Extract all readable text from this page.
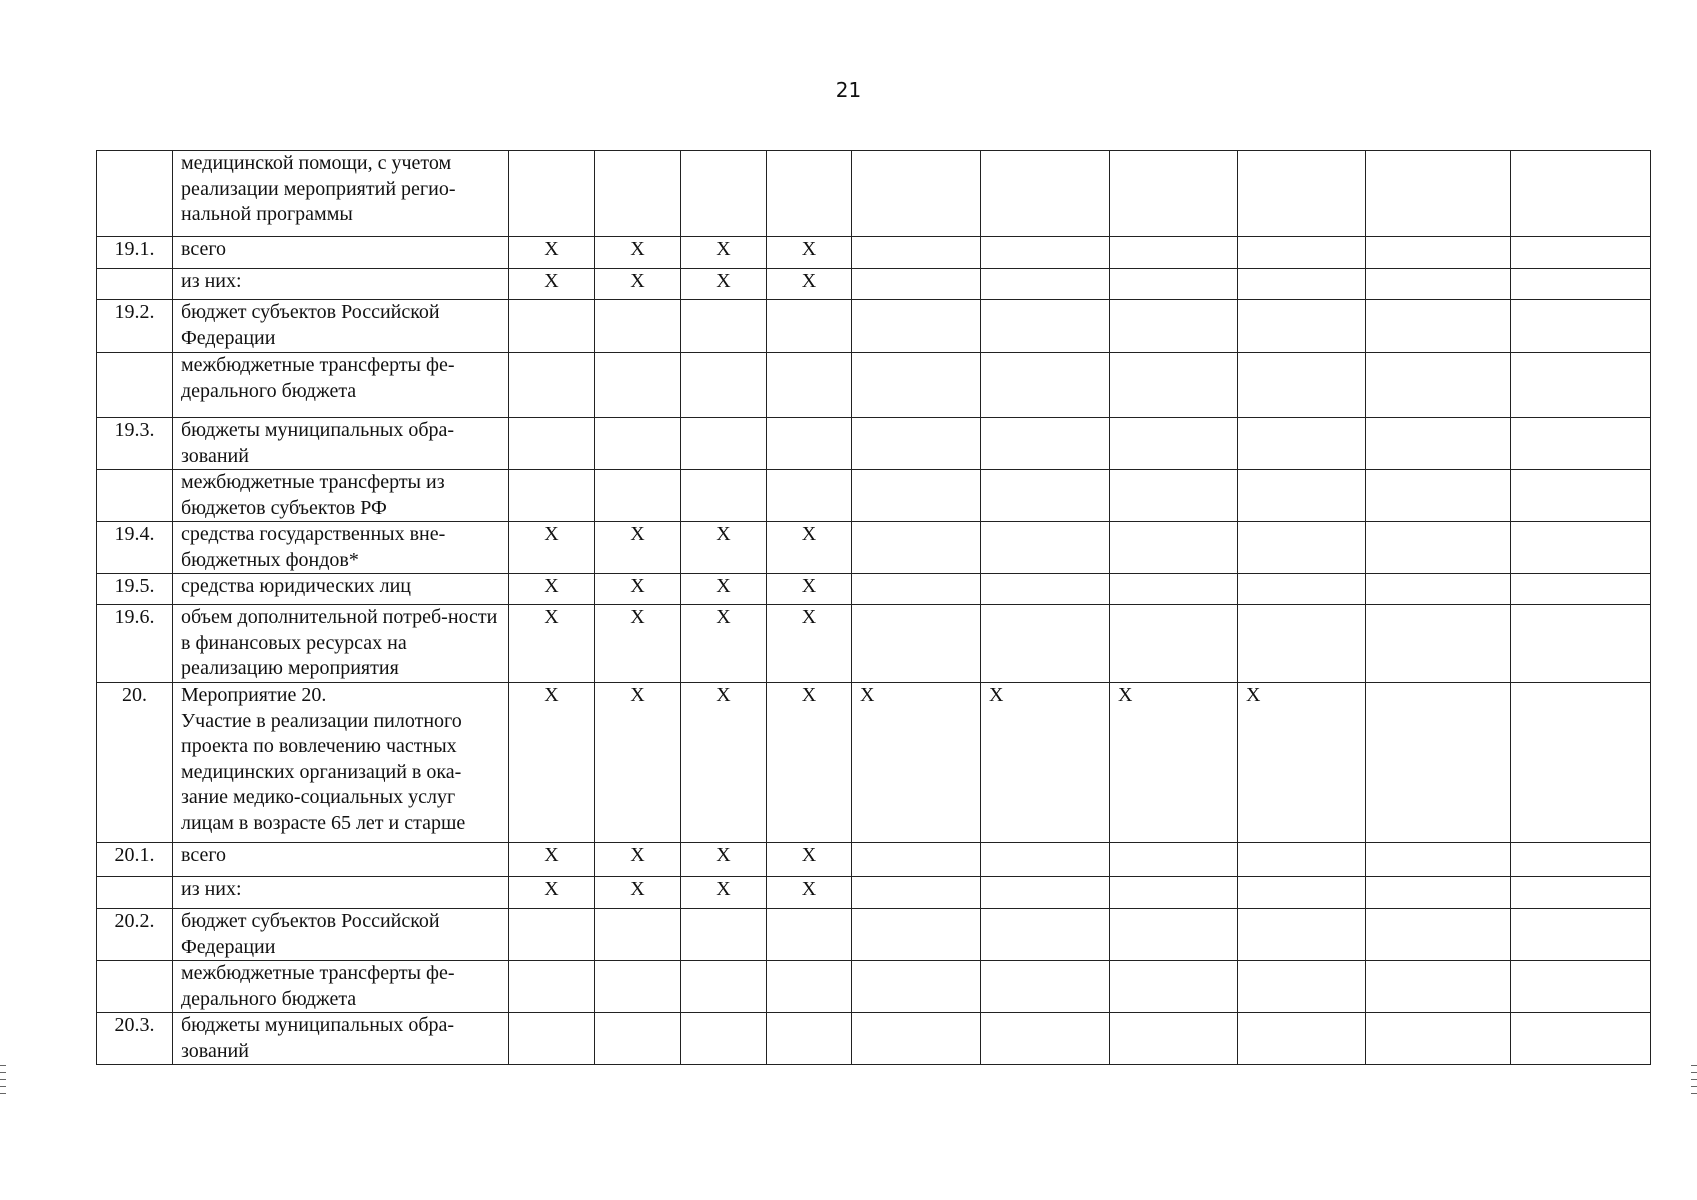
21
	медицинской помощи, с учетом реализации мероприятий регио-нальной программы										
19.1.	всего	X	X	X	X						
	из них:	X	X	X	X						
19.2.	бюджет субъектов Российской Федерации										
	межбюджетные трансферты фе-дерального бюджета										
19.3.	бюджеты муниципальных обра-зований										
	межбюджетные трансферты из бюджетов субъектов РФ										
19.4.	средства государственных вне-бюджетных фондов*	X	X	X	X						
19.5.	средства юридических лиц	X	X	X	X						
19.6.	объем дополнительной потреб-ности в финансовых ресурсах на реализацию мероприятия	X	X	X	X						
20.	Мероприятие 20.
Участие в реализации пилотного проекта по вовлечению частных медицинских организаций в ока-зание медико-социальных услуг лицам в возрасте 65 лет и старше	X	X	X	X	X	X	X	X		
20.1.	всего	X	X	X	X						
	из них:	X	X	X	X						
20.2.	бюджет субъектов Российской Федерации										
	межбюджетные трансферты фе-дерального бюджета										
20.3.	бюджеты муниципальных обра-зований										
